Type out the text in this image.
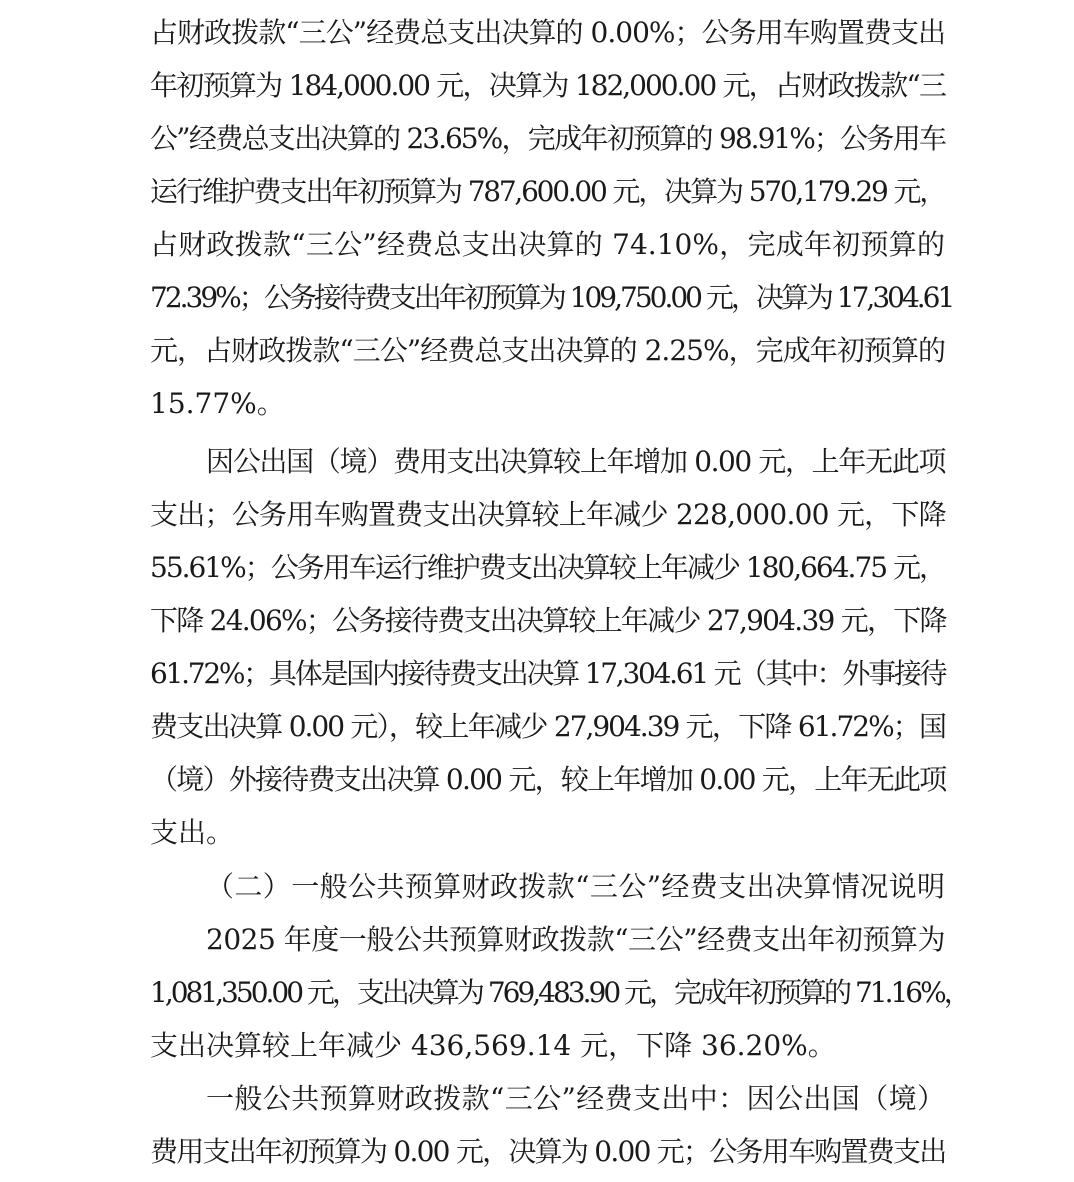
占财政拨款“三公”经费总支出决算的 0.00%；公务用车购置费支出
年初预算为 184,000.00 元，决算为 182,000.00 元，占财政拨款“三
公”经费总支出决算的 23.65%，完成年初预算的 98.91%；公务用车
运行维护费支出年初预算为 787,600.00 元，决算为 570,179.29 元，
占财政拨款“三公”经费总支出决算的 74.10%，完成年初预算的
72.39%；公务接待费支出年初预算为 109,750.00 元，决算为 17,304.61
元，占财政拨款“三公”经费总支出决算的 2.25%，完成年初预算的
15.77%。
因公出国（境）费用支出决算较上年增加 0.00 元，上年无此项
支出；公务用车购置费支出决算较上年减少 228,000.00 元，下降
55.61%；公务用车运行维护费支出决算较上年减少 180,664.75 元，
下降 24.06%；公务接待费支出决算较上年减少 27,904.39 元，下降
61.72%；具体是国内接待费支出决算 17,304.61 元（其中：外事接待
费支出决算 0.00 元），较上年减少 27,904.39 元，下降 61.72%；国
（境）外接待费支出决算 0.00 元，较上年增加 0.00 元，上年无此项
支出。
（二）一般公共预算财政拨款“三公”经费支出决算情况说明
2025 年度一般公共预算财政拨款“三公”经费支出年初预算为
1,081,350.00 元，支出决算为 769,483.90 元，完成年初预算的 71.16%，
支出决算较上年减少 436,569.14 元，下降 36.20%。
一般公共预算财政拨款“三公”经费支出中：因公出国（境）
费用支出年初预算为 0.00 元，决算为 0.00 元；公务用车购置费支出
